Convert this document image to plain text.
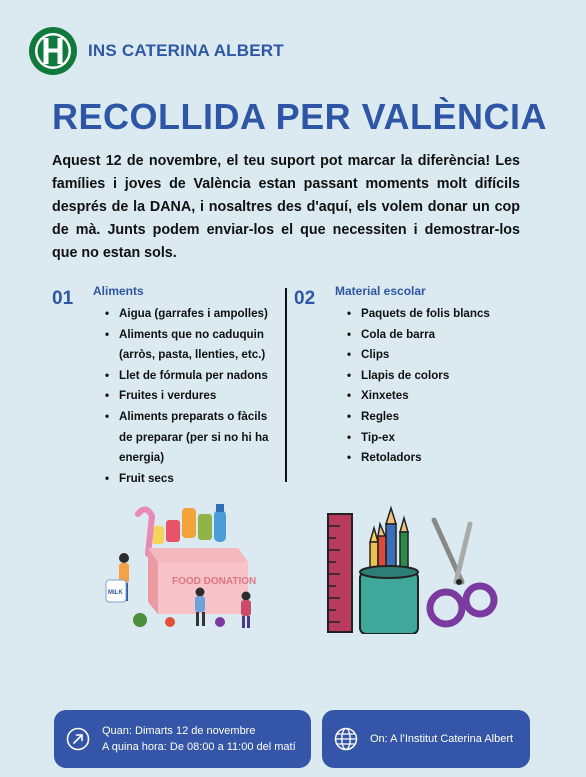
INS CATERINA ALBERT
RECOLLIDA PER VALÈNCIA

Aquest 12 de novembre, el teu suport pot marcar la diferència! Les famílies i joves de València estan passant moments molt difícils després de la DANA, i nosaltres des d'aquí, els volem donar un cop de mà. Junts podem enviar-los el que necessiten i demostrar-los que no estan sols.

01 Aliments
• Aigua (garrafes i ampolles)
• Aliments que no caduquin (arròs, pasta, llenties, etc.)
• Llet de fórmula per nadons
• Fruites i verdures
• Aliments preparats o fàcils de preparar (per si no hi ha energia)
• Fruit secs
02 Material escolar
• Paquets de folis blancs
• Cola de barra
• Clips
• Llapis de colors
• Xinxetes
• Regles
• Tip-ex
• Retoladors
FOOD DONATION
MILK
Quan: Dimarts 12 de novembre
A quina hora: De 08:00 a 11:00 del matí
On: A l’Institut Caterina Albert
